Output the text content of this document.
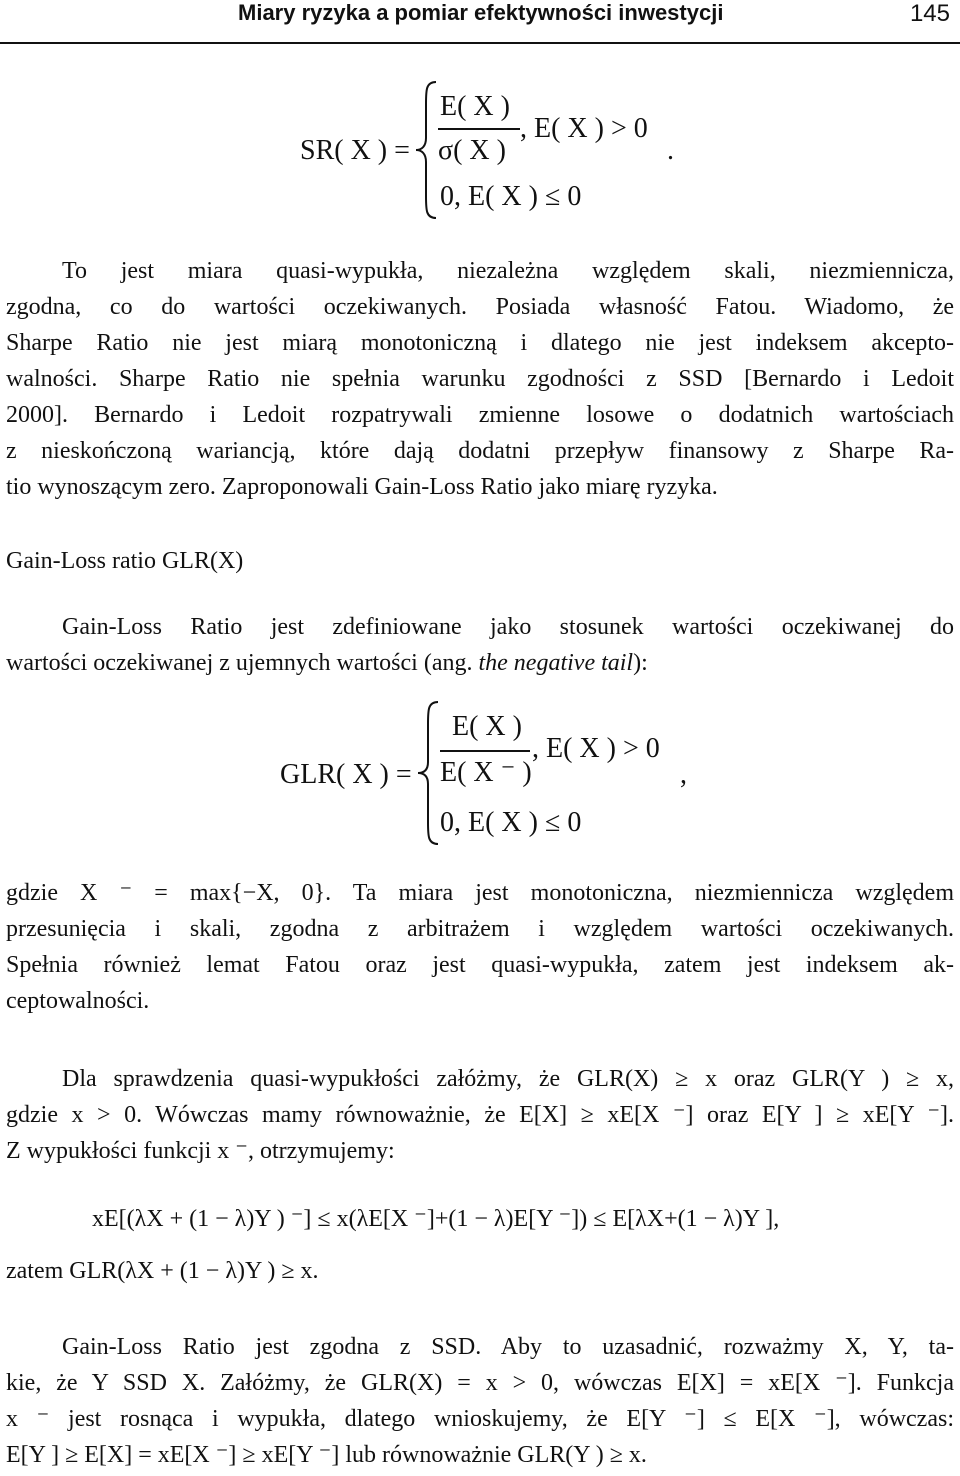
Miary ryzyka a pomiar efektywności inwestycji	145
SR( X ) =
E( X )
σ( X )
, E( X ) > 0
0, E( X ) ≤ 0
.
To jest miara quasi-wypukła, niezależna względem skali, niezmiennicza,
zgodna, co do wartości oczekiwanych. Posiada własność Fatou. Wiadomo, że
Sharpe Ratio nie jest miarą monotoniczną i dlatego nie jest indeksem akcepto-
walności. Sharpe Ratio nie spełnia warunku zgodności z SSD [Bernardo i Ledoit
2000]. Bernardo i Ledoit rozpatrywali zmienne losowe o dodatnich wartościach
z nieskończoną wariancją, które dają dodatni przepływ finansowy z Sharpe Ra-
tio wynoszącym zero. Zaproponowali Gain-Loss Ratio jako miarę ryzyka.
Gain-Loss ratio GLR(X)
Gain-Loss Ratio jest zdefiniowane jako stosunek wartości oczekiwanej do
wartości oczekiwanej z ujemnych wartości (ang. the negative tail):
GLR( X ) =
E( X )
E( X ⁻ )
, E( X ) > 0
0, E( X ) ≤ 0
,
gdzie X ⁻ = max{−X, 0}. Ta miara jest monotoniczna, niezmiennicza względem
przesunięcia i skali, zgodna z arbitrażem i względem wartości oczekiwanych.
Spełnia również lemat Fatou oraz jest quasi-wypukła, zatem jest indeksem ak-
ceptowalności.
Dla sprawdzenia quasi-wypukłości załóżmy, że GLR(X) ≥ x oraz GLR(Y ) ≥ x,
gdzie x > 0. Wówczas mamy równoważnie, że E[X] ≥ xE[X ⁻] oraz E[Y ] ≥ xE[Y ⁻].
Z wypukłości funkcji x ⁻, otrzymujemy:
xE[(λX + (1 − λ)Y ) ⁻] ≤ x(λE[X ⁻]+(1 − λ)E[Y ⁻]) ≤ E[λX+(1 − λ)Y ],
zatem GLR(λX + (1 − λ)Y ) ≥ x.
Gain-Loss Ratio jest zgodna z SSD. Aby to uzasadnić, rozważmy X, Y, ta-
kie, że Y SSD X. Załóżmy, że GLR(X) = x > 0, wówczas E[X] = xE[X ⁻]. Funkcja
x ⁻ jest rosnąca i wypukła, dlatego wnioskujemy, że E[Y ⁻] ≤ E[X ⁻], wówczas:
E[Y ] ≥ E[X] = xE[X ⁻] ≥ xE[Y ⁻] lub równoważnie GLR(Y ) ≥ x.
